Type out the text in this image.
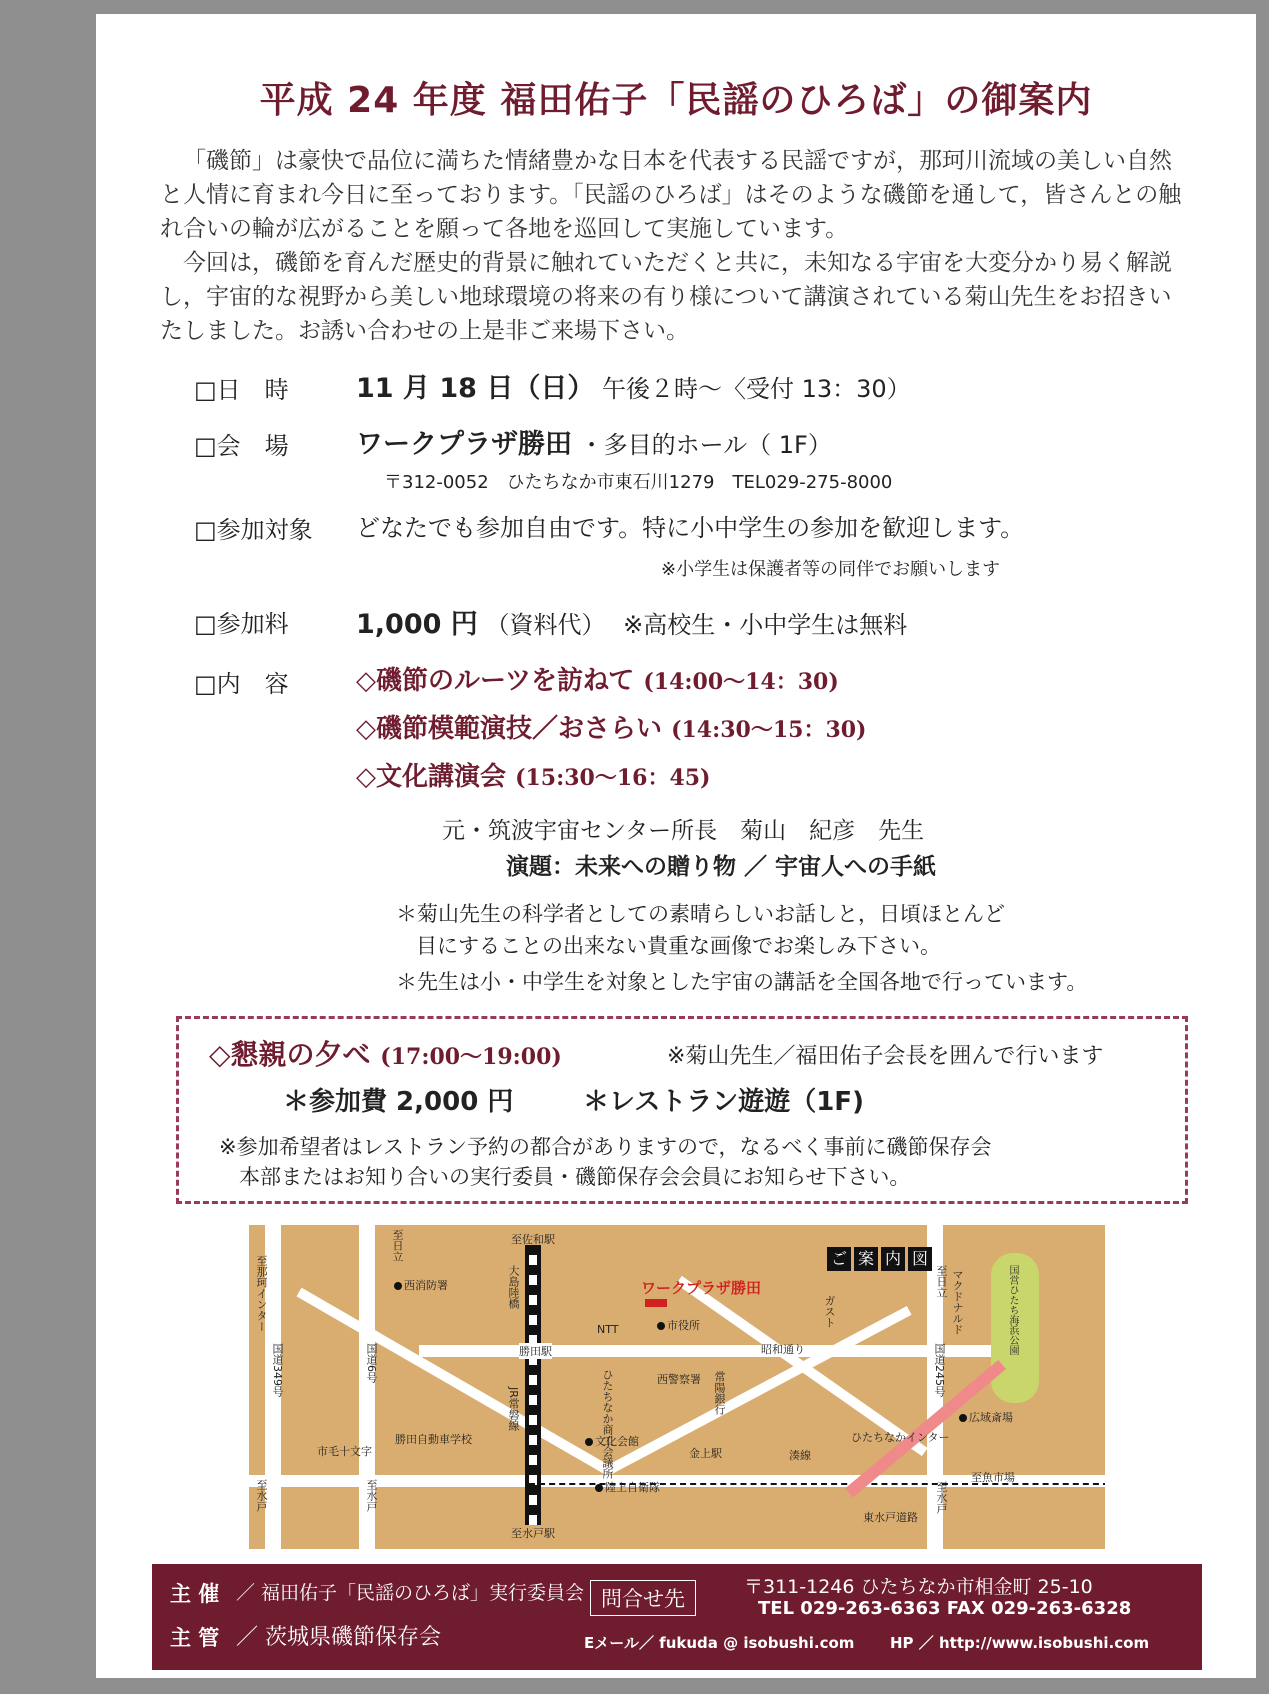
平成 24 年度 福田佑子「民謡のひろば」の御案内

「磯節」は豪快で品位に満ちた情緒豊かな日本を代表する民謡ですが，那珂川流域の美しい自然と人情に育まれ今日に至っております。「民謡のひろば」はそのような磯節を通して，皆さんとの触れ合いの輪が広がることを願って各地を巡回して実施しています。

今回は，磯節を育んだ歴史的背景に触れていただくと共に，未知なる宇宙を大変分かり易く解説し，宇宙的な視野から美しい地球環境の将来の有り様について講演されている菊山先生をお招きいたしました。お誘い合わせの上是非ご来場下さい。

□日　時 11 月 18 日（日） 午後２時〜〈受付 13：30）
□会　場 ワークプラザ勝田 ・多目的ホール（ 1F）
〒312-0052　ひたちなか市東石川1279　TEL029-275-8000
□参加対象 どなたでも参加自由です。特に小中学生の参加を歓迎します。
※小学生は保護者等の同伴でお願いします
□参加料 1,000 円 （資料代） ※高校生・小中学生は無料
□内　容	◇磯節のルーツを訪ねて (14:00〜14：30)
◇磯節模範演技／おさらい (14:30〜15：30)
◇文化講演会 (15:30〜16：45)
元・筑波宇宙センター所長　菊山　紀彦　先生
演題：未来への贈り物 ／ 宇宙人への手紙
＊菊山先生の科学者としての素晴らしいお話しと，日頃ほとんど
目にすることの出来ない貴重な画像でお楽しみ下さい。
＊先生は小・中学生を対象とした宇宙の講話を全国各地で行っています。
◇懇親の夕べ (17:00〜19:00)	※菊山先生／福田佑子会長を囲んで行います
＊参加費 2,000 円	＊レストラン遊遊（1F)
※参加希望者はレストラン予約の都合がありますので，なるべく事前に磯節保存会
本部またはお知り合いの実行委員・磯節保存会会員にお知らせ下さい。
ご 案 内 図
至佐和駅
至日立
至那珂インター	西消防署	大島陸橋	ワークプラザ勝田
ガスト	マクドナルド
至日立	国営ひたち海浜公園
NTT	市役所
勝田駅	昭和通り
国道349号	国道6号	国道245号
ひたちなか商工会議所	西警察署 常陽銀行
JR常磐線	広域斎場
文化会館
金上駅	湊線
ひたちなかインター
至魚市場
市毛十文字
勝田自動車学校
陸上自衛隊
至水戸	至水戸
至水戸駅
至水戸
東水戸道路
主 催 ／ 福田佑子「民謡のひろば」実行委員会
主 管 ／ 茨城県磯節保存会
問合せ先	〒311-1246 ひたちなか市相金町 25-10
TEL 029-263-6363 FAX 029-263-6328
Eメール／ fukuda @ isobushi.com HP ／ http://www.isobushi.com
